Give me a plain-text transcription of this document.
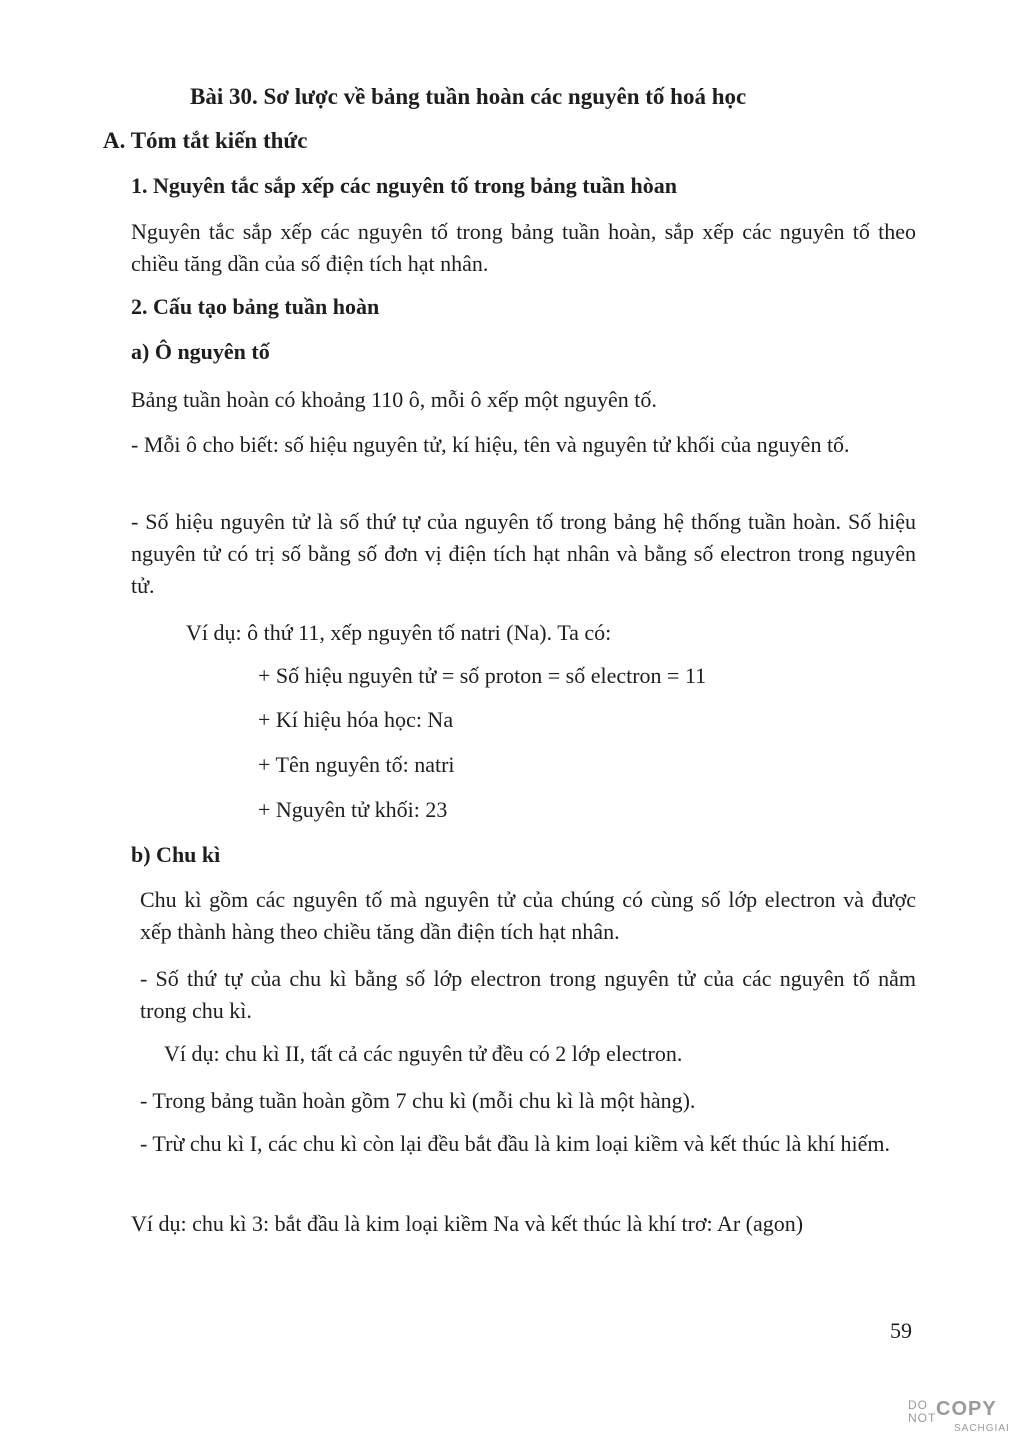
Bài 30. Sơ lược về bảng tuần hoàn các nguyên tố hoá học
A. Tóm tắt kiến thức
1. Nguyên tắc sắp xếp các nguyên tố trong bảng tuần hòan

Nguyên tắc sắp xếp các nguyên tố trong bảng tuần hoàn, sắp xếp các nguyên tố theo chiều tăng dần của số điện tích hạt nhân.

2. Cấu tạo bảng tuần hoàn
a) Ô nguyên tố

Bảng tuần hoàn có khoảng 110 ô, mỗi ô xếp một nguyên tố.

- Mỗi ô cho biết: số hiệu nguyên tử, kí hiệu, tên và nguyên tử khối của nguyên tố.

- Số hiệu nguyên tử là số thứ tự của nguyên tố trong bảng hệ thống tuần hoàn. Số hiệu nguyên tử có trị số bằng số đơn vị điện tích hạt nhân và bằng số electron trong nguyên tử.

Ví dụ: ô thứ 11, xếp nguyên tố natri (Na). Ta có:

+ Số hiệu nguyên tử = số proton = số electron = 11

+ Kí hiệu hóa học: Na

+ Tên nguyên tố: natri

+ Nguyên tử khối: 23

b) Chu kì

Chu kì gồm các nguyên tố mà nguyên tử của chúng có cùng số lớp electron và được xếp thành hàng theo chiều tăng dần điện tích hạt nhân.

- Số thứ tự của chu kì bằng số lớp electron trong nguyên tử của các nguyên tố nằm trong chu kì.

Ví dụ: chu kì II, tất cả các nguyên tử đều có 2 lớp electron.

- Trong bảng tuần hoàn gồm 7 chu kì (mỗi chu kì là một hàng).

- Trừ chu kì I, các chu kì còn lại đều bắt đầu là kim loại kiềm và kết thúc là khí hiếm.

Ví dụ: chu kì 3: bắt đầu là kim loại kiềm Na và kết thúc là khí trơ: Ar (agon)

59
DO
NOT COPY
SACHGIAI
